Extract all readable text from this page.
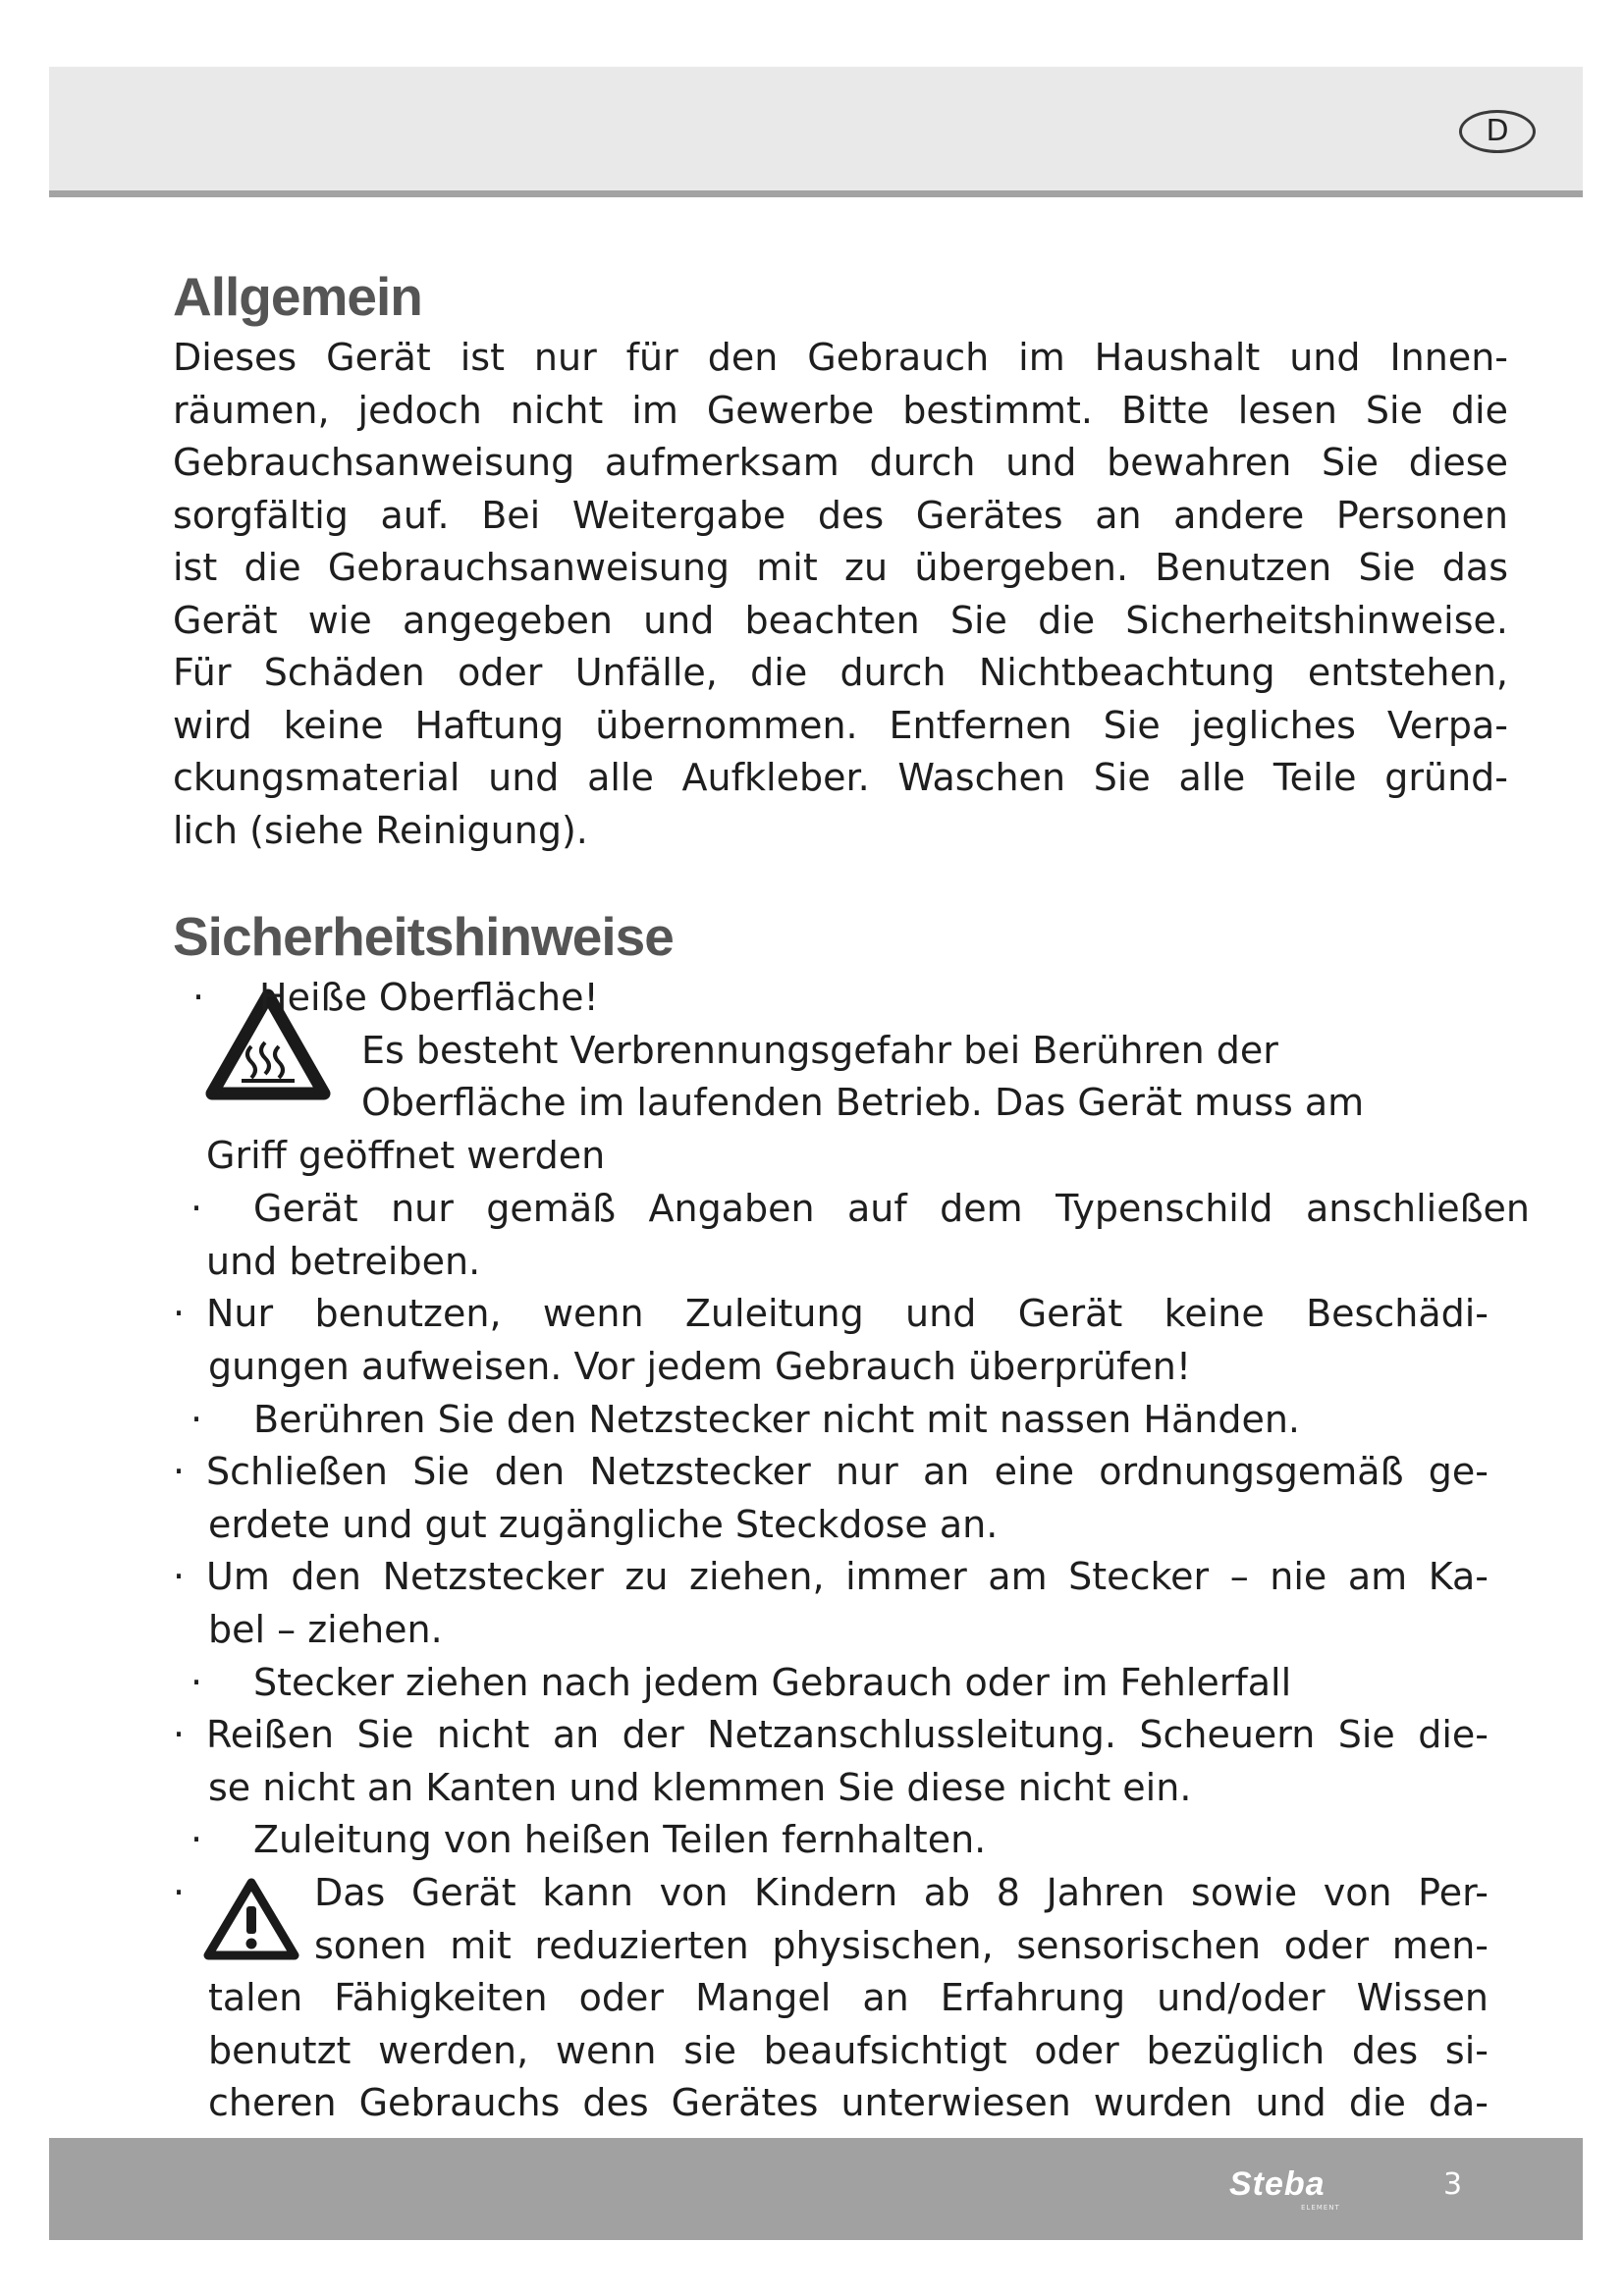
D
Allgemein
Dieses Gerät ist nur für den Gebrauch im Haushalt und Innen-
räumen, jedoch nicht im Gewerbe bestimmt. Bitte lesen Sie die
Gebrauchsanweisung aufmerksam durch und bewahren Sie diese
sorgfältig auf. Bei Weitergabe des Gerätes an andere Personen
ist die Gebrauchsanweisung mit zu übergeben. Benutzen Sie das
Gerät wie angegeben und beachten Sie die Sicherheitshinweise.
Für Schäden oder Unfälle, die durch Nichtbeachtung entstehen,
wird keine Haftung übernommen. Entfernen Sie jegliches Verpa-
ckungsmaterial und alle Aufkleber. Waschen Sie alle Teile gründ-
lich (siehe Reinigung).
Sicherheitshinweise
· Heiße Oberfläche!
Es besteht Verbrennungsgefahr bei Berühren der
Oberfläche im laufenden Betrieb. Das Gerät muss am
Griff geöffnet werden
· Gerät nur gemäß Angaben auf dem Typenschild anschließen
und betreiben.
· Nur benutzen, wenn Zuleitung und Gerät keine Beschädi-
gungen aufweisen. Vor jedem Gebrauch überprüfen!
· Berühren Sie den Netzstecker nicht mit nassen Händen.
· Schließen Sie den Netzstecker nur an eine ordnungsgemäß ge-
erdete und gut zugängliche Steckdose an.
· Um den Netzstecker zu ziehen, immer am Stecker – nie am Ka-
bel – ziehen.
· Stecker ziehen nach jedem Gebrauch oder im Fehlerfall
· Reißen Sie nicht an der Netzanschlussleitung. Scheuern Sie die-
se nicht an Kanten und klemmen Sie diese nicht ein.
· Zuleitung von heißen Teilen fernhalten.
·	Das Gerät kann von Kindern ab 8 Jahren sowie von Per-
sonen mit reduzierten physischen, sensorischen oder men-
talen Fähigkeiten oder Mangel an Erfahrung und/oder Wissen
benutzt werden, wenn sie beaufsichtigt oder bezüglich des si-
cheren Gebrauchs des Gerätes unterwiesen wurden und die da-
Steba
ELEMENT
3
